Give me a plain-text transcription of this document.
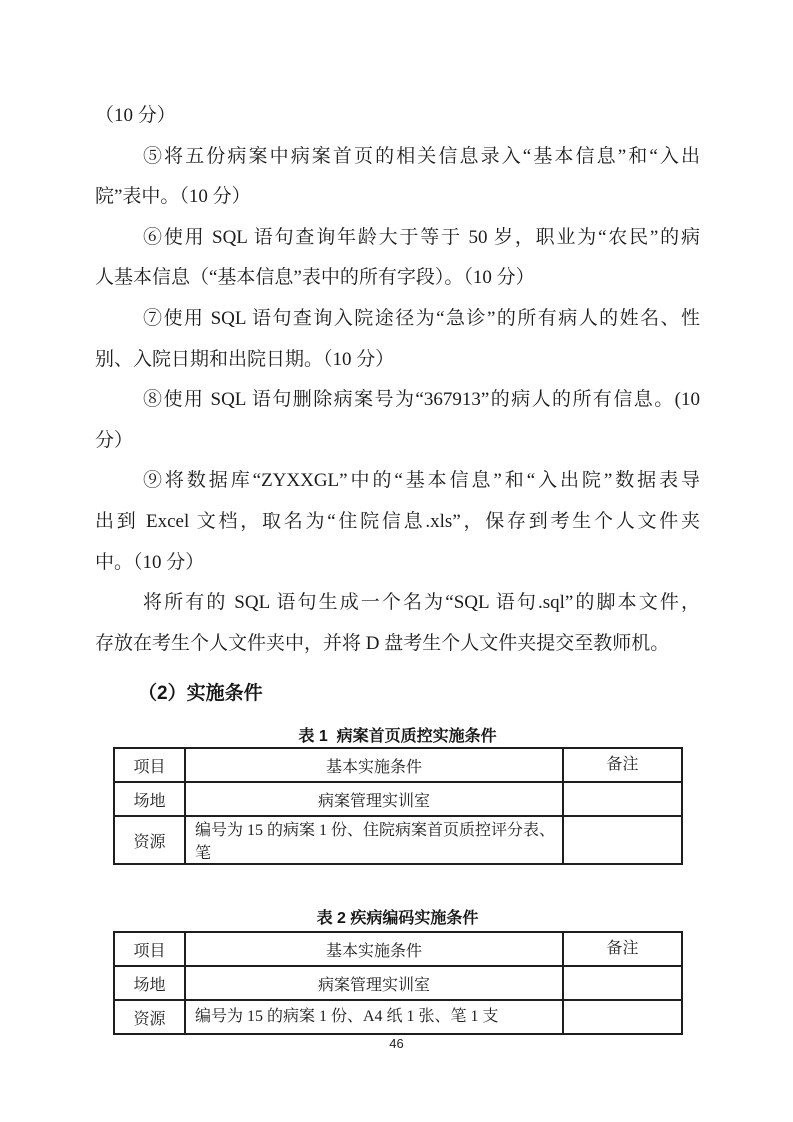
（10 分）
⑤将五份病案中病案首页的相关信息录入“基本信息”和“入出
院”表中。（10 分）
⑥使用 SQL 语句查询年龄大于等于 50 岁，职业为“农民”的病
人基本信息（“基本信息”表中的所有字段）。（10 分）
⑦使用 SQL 语句查询入院途径为“急诊”的所有病人的姓名、性
别、入院日期和出院日期。（10 分）
⑧使用 SQL 语句删除病案号为“367913”的病人的所有信息。(10
分）
⑨将数据库“ZYXXGL”中的“基本信息”和“入出院”数据表导
出到 Excel 文档，取名为“住院信息.xls”，保存到考生个人文件夹
中。（10 分）
将所有的 SQL 语句生成一个名为“SQL 语句.sql”的脚本文件，
存放在考生个人文件夹中，并将 D 盘考生个人文件夹提交至教师机。
（2）实施条件
表 1  病案首页质控实施条件
项目	基本实施条件	备注
场地	病案管理实训室	
资源	编号为 15 的病案 1 份、住院病案首页质控评分表、笔	
表 2 疾病编码实施条件
项目	基本实施条件	备注
场地	病案管理实训室	
资源	编号为 15 的病案 1 份、A4 纸 1 张、笔 1 支	
46
